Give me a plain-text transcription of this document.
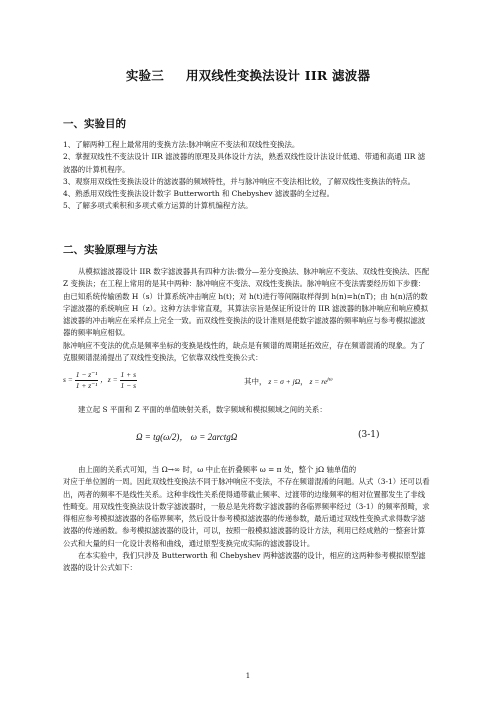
实验三 用双线性变换法设计 IIR 滤波器
一、实验目的

1、了解两种工程上最常用的变换方法:脉冲响应不变法和双线性变换法。

2、掌握双线性不变法设计 IIR 滤波器的原理及具体设计方法，熟悉双线性设计法设计低通、带通和高通 IIR 滤波器的计算机程序。

3、观察用双线性变换法设计的滤波器的频域特性，并与脉冲响应不变法相比较，了解双线性变换法的特点。

4、熟悉用双线性变换法设计数字 Butterworth 和 Chebyshev 滤波器的全过程。

5、了解多项式乘积和多项式乘方运算的计算机编程方法。

二、实验原理与方法

从模拟滤波器设计 IIR 数字滤波器具有四种方法:微分—差分变换法、脉冲响应不变法、双线性变换法、匹配 Z 变换法；在工程上常用的是其中两种：脉冲响应不变法、双线性变换法。脉冲响应不变法需要经历如下步骤：由已知系统传输函数 H（s）计算系统冲击响应 h(t)；对 h(t)进行等间隔取样得到 h(n)=h(nT)；由 h(n)活的数字滤波器的系统响应 H（z）。这种方法非常直观，其算法宗旨是保证所设计的 IIR 滤波器的脉冲响应和响应模拟滤波器的冲击响应在采样点上完全一致。而双线性变换法的设计准则是使数字滤波器的频率响应与参考模拟滤波器的频率响应相似。

脉冲响应不变法的优点是频率坐标的变换是线性的，缺点是有频谱的周期延拓效应，存在频谱混淆的现象。为了克服频谱混淆提出了双线性变换法，它依靠双线性变换公式：

$s = \frac{\text{1 − z⁻¹}}{\text{1 + z⁻¹}}$ ，$z = \frac{1 + s}{1 - s}$	其中， z = σ + jΩ， $z = re^{j\omega}$

建立起 S 平面和 Z 平面的单值映射关系，数字频域和模拟频域之间的关系：

Ω = tg(ω/2)， ω = 2arctgΩ	(3-1)

由上面的关系式可知，当 Ω→∞ 时，ω 中止在折叠频率 ω = π 处，整个 jΩ 轴单值的

对应于单位圆的一周。因此双线性变换法不同于脉冲响应不变法，不存在频谱混淆的问题。从式（3-1）还可以看出，两者的频率不是线性关系。这种非线性关系使得通带截止频率、过渡带的边缘频率的相对位置都发生了非线性畸变。用双线性变换法设计数字滤波器时，一般总是先将数字滤波器的各临界频率经过（3-1）的频率预畸，求得相应参考模拟滤波器的各临界频率，然后设计参考模拟滤波器的传递参数，最后通过双线性变换式求得数字滤波器的传递函数。参考模拟滤波器的设计，可以，按照一般模拟滤波器的设计方法，利用已经成熟的一整套计算公式和大量的归一化设计表格和曲线，通过原型变换完成实际的滤波器设计。

在本实验中，我们只涉及 Butterworth 和 Chebyshev 两种滤波器的设计，相应的这两种参考模拟原型滤波器的设计公式如下：

1
